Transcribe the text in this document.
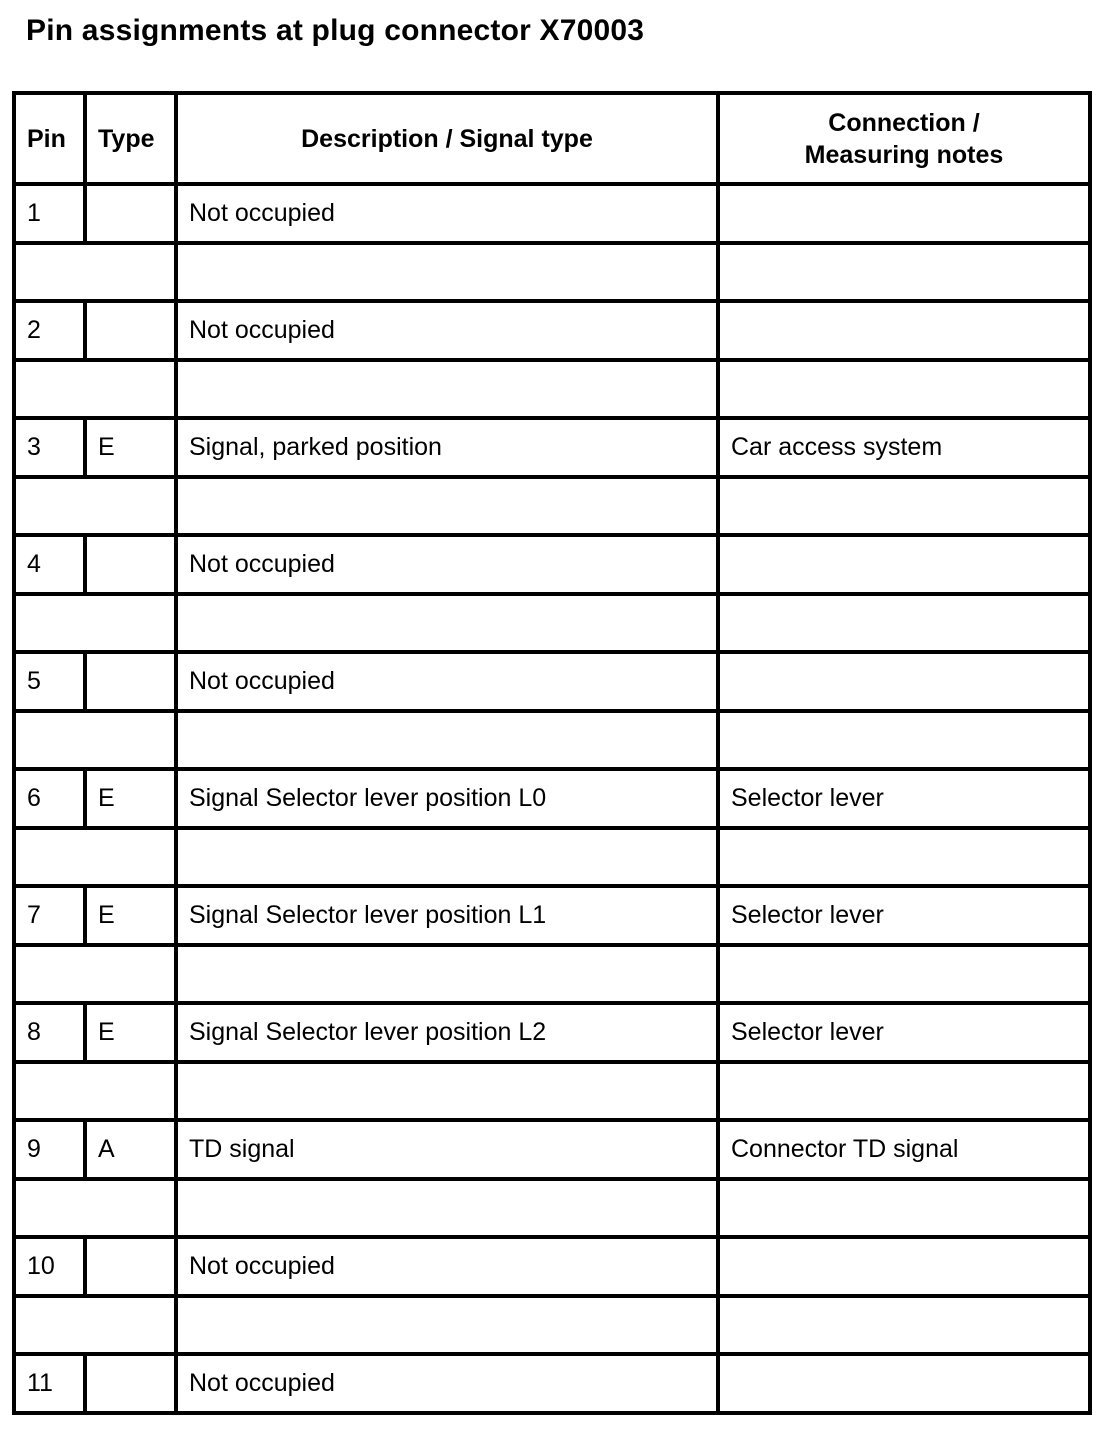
Pin assignments at plug connector X70003
Pin	Type	Description / Signal type	Connection /
Measuring notes
1		Not occupied	

2		Not occupied	

3	E	Signal, parked position	Car access system

4		Not occupied	

5		Not occupied	

6	E	Signal Selector lever position L0	Selector lever

7	E	Signal Selector lever position L1	Selector lever

8	E	Signal Selector lever position L2	Selector lever

9	A	TD signal	Connector TD signal

10		Not occupied	

11		Not occupied	
